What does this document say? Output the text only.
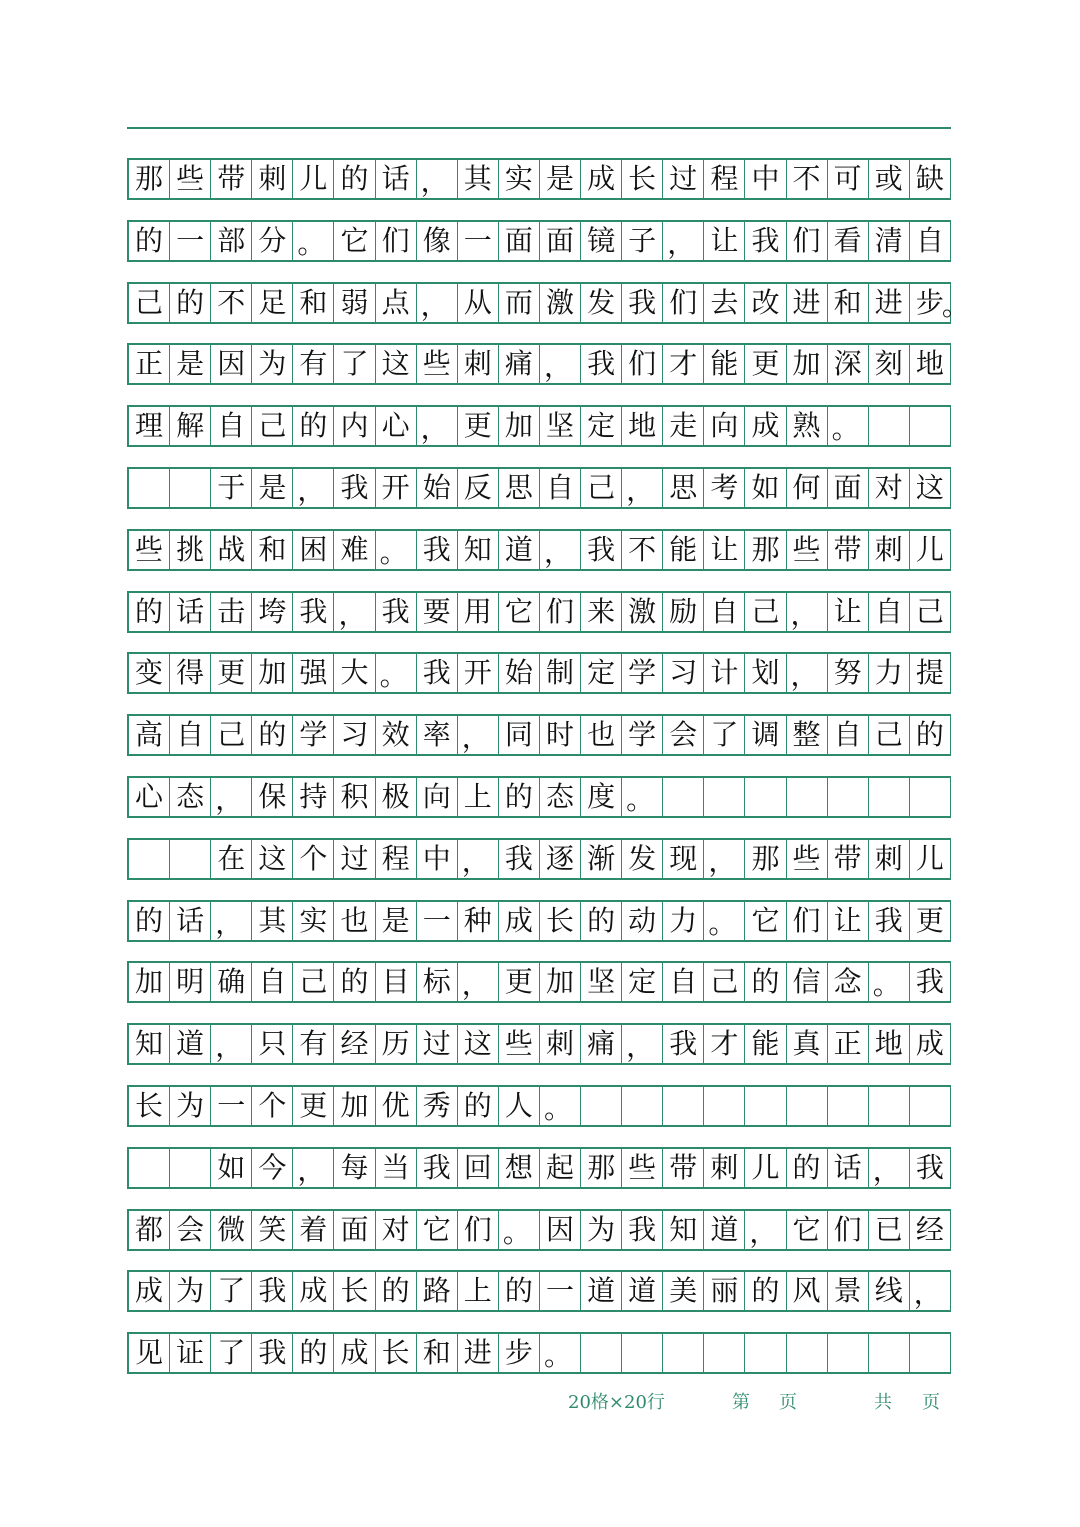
那 些 带 刺 儿 的 话 ， 其 实 是 成 长 过 程 中 不 可 或 缺
的 一 部 分 。 它 们 像 一 面 面 镜 子 ， 让 我 们 看 清 自
己 的 不 足 和 弱 点 ， 从 而 激 发 我 们 去 改 进 和 进 步
。
正 是 因 为 有 了 这 些 刺 痛 ， 我 们 才 能 更 加 深 刻 地
理 解 自 己 的 内 心 ， 更 加 坚 定 地 走 向 成 熟 。
于 是 ， 我 开 始 反 思 自 己 ， 思 考 如 何 面 对 这
些 挑 战 和 困 难 。 我 知 道 ， 我 不 能 让 那 些 带 刺 儿
的 话 击 垮 我 ， 我 要 用 它 们 来 激 励 自 己 ， 让 自 己
变 得 更 加 强 大 。 我 开 始 制 定 学 习 计 划 ， 努 力 提
高 自 己 的 学 习 效 率 ， 同 时 也 学 会 了 调 整 自 己 的
心 态 ， 保 持 积 极 向 上 的 态 度 。
在 这 个 过 程 中 ， 我 逐 渐 发 现 ， 那 些 带 刺 儿
的 话 ， 其 实 也 是 一 种 成 长 的 动 力 。 它 们 让 我 更
加 明 确 自 己 的 目 标 ， 更 加 坚 定 自 己 的 信 念 。 我
知 道 ， 只 有 经 历 过 这 些 刺 痛 ， 我 才 能 真 正 地 成
长 为 一 个 更 加 优 秀 的 人 。
如 今 ， 每 当 我 回 想 起 那 些 带 刺 儿 的 话 ， 我
都 会 微 笑 着 面 对 它 们 。 因 为 我 知 道 ， 它 们 已 经
成 为 了 我 成 长 的 路 上 的 一 道 道 美 丽 的 风 景 线 ，
见 证 了 我 的 成 长 和 进 步 。
20格×20行	第 页	共 页
